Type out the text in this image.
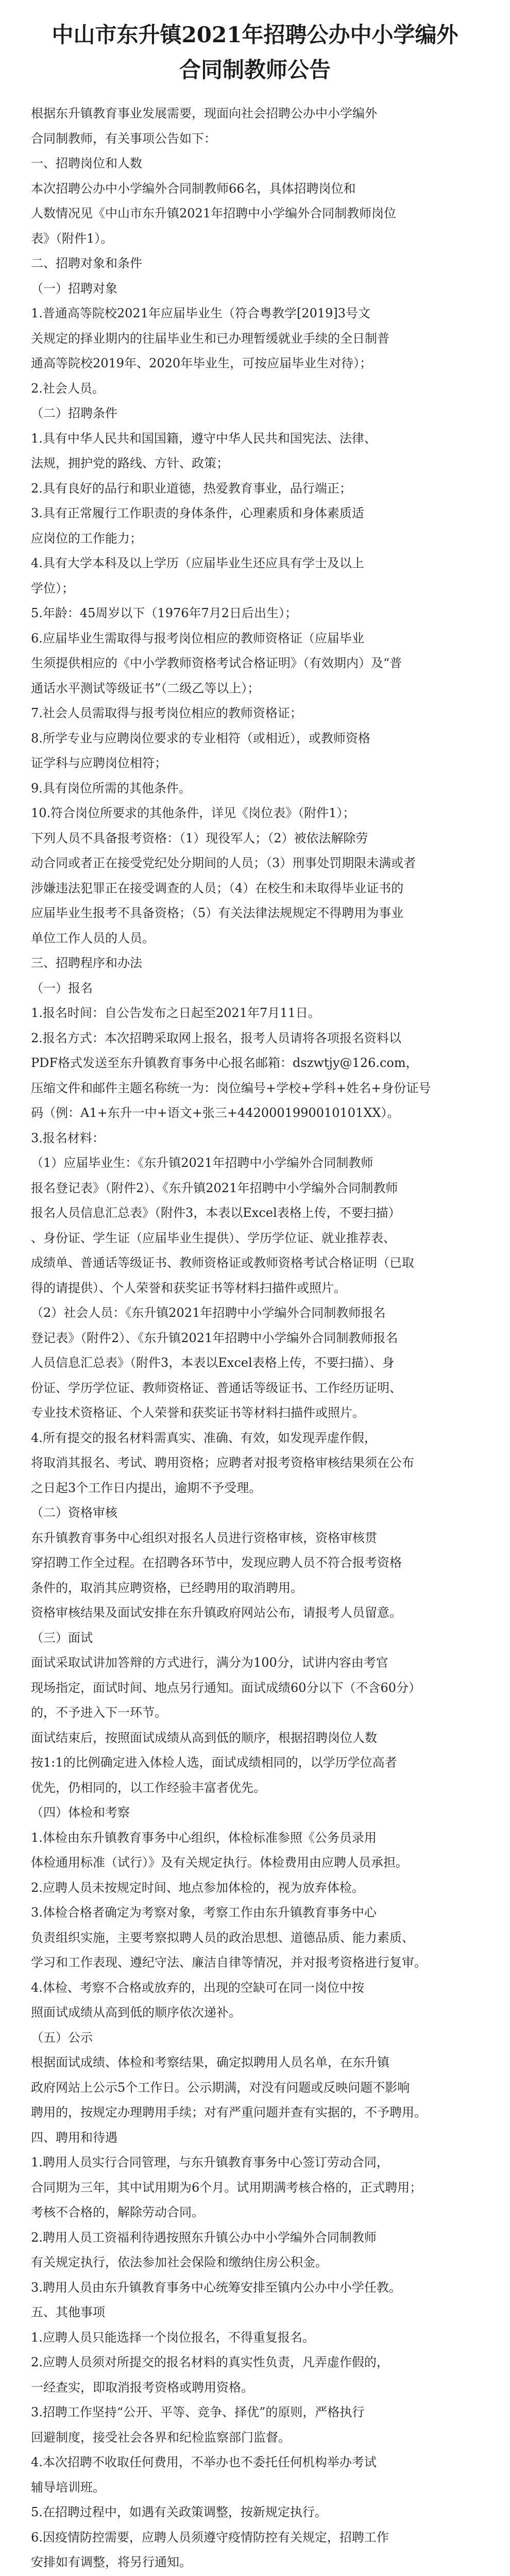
中山市东升镇2021年招聘公办中小学编外
合同制教师公告

根据东升镇教育事业发展需要，现面向社会招聘公办中小学编外

合同制教师，有关事项公告如下：

一、招聘岗位和人数

本次招聘公办中小学编外合同制教师66名，具体招聘岗位和

人数情况见《中山市东升镇2021年招聘中小学编外合同制教师岗位

表》（附件1）。

二、招聘对象和条件

（一）招聘对象

1.普通高等院校2021年应届毕业生（符合粤教学[2019]3号文

关规定的择业期内的往届毕业生和已办理暂缓就业手续的全日制普

通高等院校2019年、2020年毕业生，可按应届毕业生对待）；

2.社会人员。

（二）招聘条件

1.具有中华人民共和国国籍，遵守中华人民共和国宪法、法律、

法规，拥护党的路线、方针、政策；

2.具有良好的品行和职业道德，热爱教育事业，品行端正；

3.具有正常履行工作职责的身体条件，心理素质和身体素质适

应岗位的工作能力；

4.具有大学本科及以上学历（应届毕业生还应具有学士及以上

学位）；

5.年龄：45周岁以下（1976年7月2日后出生）；

6.应届毕业生需取得与报考岗位相应的教师资格证（应届毕业

生须提供相应的《中小学教师资格考试合格证明》（有效期内）及“普

通话水平测试等级证书”（二级乙等以上）；

7.社会人员需取得与报考岗位相应的教师资格证；

8.所学专业与应聘岗位要求的专业相符（或相近），或教师资格

证学科与应聘岗位相符；

9.具有岗位所需的其他条件。

10.符合岗位所要求的其他条件，详见《岗位表》（附件1）；

下列人员不具备报考资格：（1）现役军人；（2）被依法解除劳

动合同或者正在接受党纪处分期间的人员；（3）刑事处罚期限未满或者

涉嫌违法犯罪正在接受调查的人员；（4）在校生和未取得毕业证书的

应届毕业生报考不具备资格；（5）有关法律法规规定不得聘用为事业

单位工作人员的人员。

三、招聘程序和办法

（一）报名

1.报名时间：自公告发布之日起至2021年7月11日。

2.报名方式：本次招聘采取网上报名，报考人员请将各项报名资料以

PDF格式发送至东升镇教育事务中心报名邮箱：dszwtjy@126.com，

压缩文件和邮件主题名称统一为：岗位编号+学校+学科+姓名+身份证号

码（例：A1+东升一中+语文+张三+4420001990010101XX）。

3.报名材料：

（1）应届毕业生：《东升镇2021年招聘中小学编外合同制教师

报名登记表》（附件2）、《东升镇2021年招聘中小学编外合同制教师

报名人员信息汇总表》（附件3，本表以Excel表格上传，不要扫描）

、身份证、学生证（应届毕业生提供）、学历学位证、就业推荐表、

成绩单、普通话等级证书、教师资格证或教师资格考试合格证明（已取

得的请提供）、个人荣誉和获奖证书等材料扫描件或照片。

（2）社会人员：《东升镇2021年招聘中小学编外合同制教师报名

登记表》（附件2）、《东升镇2021年招聘中小学编外合同制教师报名

人员信息汇总表》（附件3，本表以Excel表格上传，不要扫描）、身

份证、学历学位证、教师资格证、普通话等级证书、工作经历证明、

专业技术资格证、个人荣誉和获奖证书等材料扫描件或照片。

4.所有提交的报名材料需真实、准确、有效，如发现弄虚作假，

将取消其报名、考试、聘用资格；应聘者对报考资格审核结果须在公布

之日起3个工作日内提出，逾期不予受理。

（二）资格审核

东升镇教育事务中心组织对报名人员进行资格审核，资格审核贯

穿招聘工作全过程。在招聘各环节中，发现应聘人员不符合报考资格

条件的，取消其应聘资格，已经聘用的取消聘用。

资格审核结果及面试安排在东升镇政府网站公布，请报考人员留意。

（三）面试

面试采取试讲加答辩的方式进行，满分为100分，试讲内容由考官

现场指定，面试时间、地点另行通知。面试成绩60分以下（不含60分）

的，不予进入下一环节。

面试结束后，按照面试成绩从高到低的顺序，根据招聘岗位人数

按1:1的比例确定进入体检人选，面试成绩相同的，以学历学位高者

优先，仍相同的，以工作经验丰富者优先。

（四）体检和考察

1.体检由东升镇教育事务中心组织，体检标准参照《公务员录用

体检通用标准（试行）》及有关规定执行。体检费用由应聘人员承担。

2.应聘人员未按规定时间、地点参加体检的，视为放弃体检。

3.体检合格者确定为考察对象，考察工作由东升镇教育事务中心

负责组织实施，主要考察拟聘人员的政治思想、道德品质、能力素质、

学习和工作表现、遵纪守法、廉洁自律等情况，并对报考资格进行复审。

4.体检、考察不合格或放弃的，出现的空缺可在同一岗位中按

照面试成绩从高到低的顺序依次递补。

（五）公示

根据面试成绩、体检和考察结果，确定拟聘用人员名单，在东升镇

政府网站上公示5个工作日。公示期满，对没有问题或反映问题不影响

聘用的，按规定办理聘用手续；对有严重问题并查有实据的，不予聘用。

四、聘用和待遇

1.聘用人员实行合同管理，与东升镇教育事务中心签订劳动合同，

合同期为三年，其中试用期为6个月。试用期满考核合格的，正式聘用；

考核不合格的，解除劳动合同。

2.聘用人员工资福利待遇按照东升镇公办中小学编外合同制教师

有关规定执行，依法参加社会保险和缴纳住房公积金。

3.聘用人员由东升镇教育事务中心统筹安排至镇内公办中小学任教。

五、其他事项

1.应聘人员只能选择一个岗位报名，不得重复报名。

2.应聘人员须对所提交的报名材料的真实性负责，凡弄虚作假的，

一经查实，即取消报考资格或聘用资格。

3.招聘工作坚持“公开、平等、竞争、择优”的原则，严格执行

回避制度，接受社会各界和纪检监察部门监督。

4.本次招聘不收取任何费用，不举办也不委托任何机构举办考试

辅导培训班。

5.在招聘过程中，如遇有关政策调整，按新规定执行。

6.因疫情防控需要，应聘人员须遵守疫情防控有关规定，招聘工作

安排如有调整，将另行通知。
